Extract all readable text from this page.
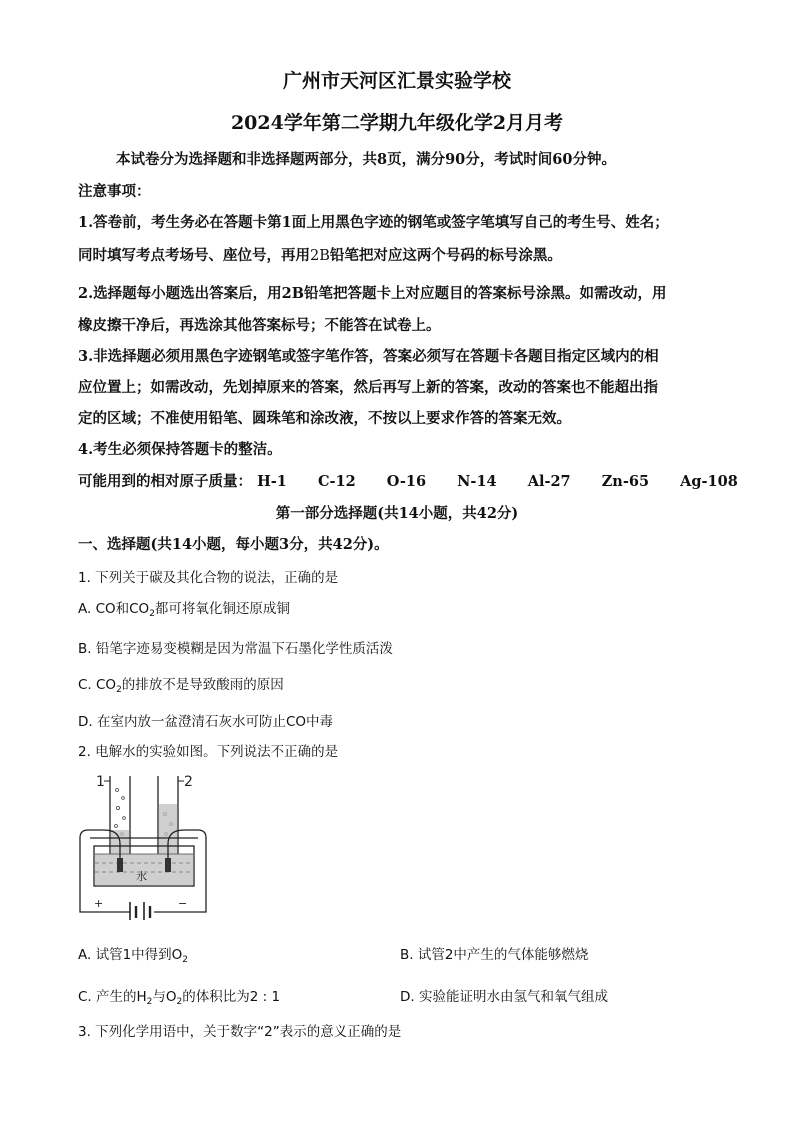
广州市天河区汇景实验学校
2024学年第二学期九年级化学2月月考
本试卷分为选择题和非选择题两部分，共8页，满分90分，考试时间60分钟。
注意事项：
1.答卷前，考生务必在答题卡第1面上用黑色字迹的钢笔或签字笔填写自己的考生号、姓名；
同时填写考点考场号、座位号，再用2B铅笔把对应这两个号码的标号涂黑。
2.选择题每小题选出答案后，用2B铅笔把答题卡上对应题目的答案标号涂黑。如需改动，用
橡皮擦干净后，再选涂其他答案标号；不能答在试卷上。
3.非选择题必须用黑色字迹钢笔或签字笔作答，答案必须写在答题卡各题目指定区域内的相
应位置上；如需改动，先划掉原来的答案，然后再写上新的答案，改动的答案也不能超出指
定的区域；不准使用铅笔、圆珠笔和涂改液，不按以上要求作答的答案无效。
4.考生必须保持答题卡的整洁。
可能用到的相对原子质量： H-1 C-12 O-16 N-14 Al-27 Zn-65 Ag-108
第一部分选择题(共14小题，共42分)
一、选择题(共14小题，每小题3分，共42分)。
1. 下列关于碳及其化合物的说法，正确的是
A. CO和$CO_2$都可将氧化铜还原成铜
B. 铅笔字迹易变模糊是因为常温下石墨化学性质活泼
C. $CO_2$的排放不是导致酸雨的原因
D. 在室内放一盆澄清石灰水可防止CO中毒
2. 电解水的实验如图。下列说法不正确的是
水
1	2
+	−
A. 试管1中得到$O_2$	B. 试管2中产生的气体能够燃烧
C. 产生的$H_2$与$O_2$的体积比为2 : 1	D. 实验能证明水由氢气和氧气组成
3. 下列化学用语中，关于数字“2”表示的意义正确的是
